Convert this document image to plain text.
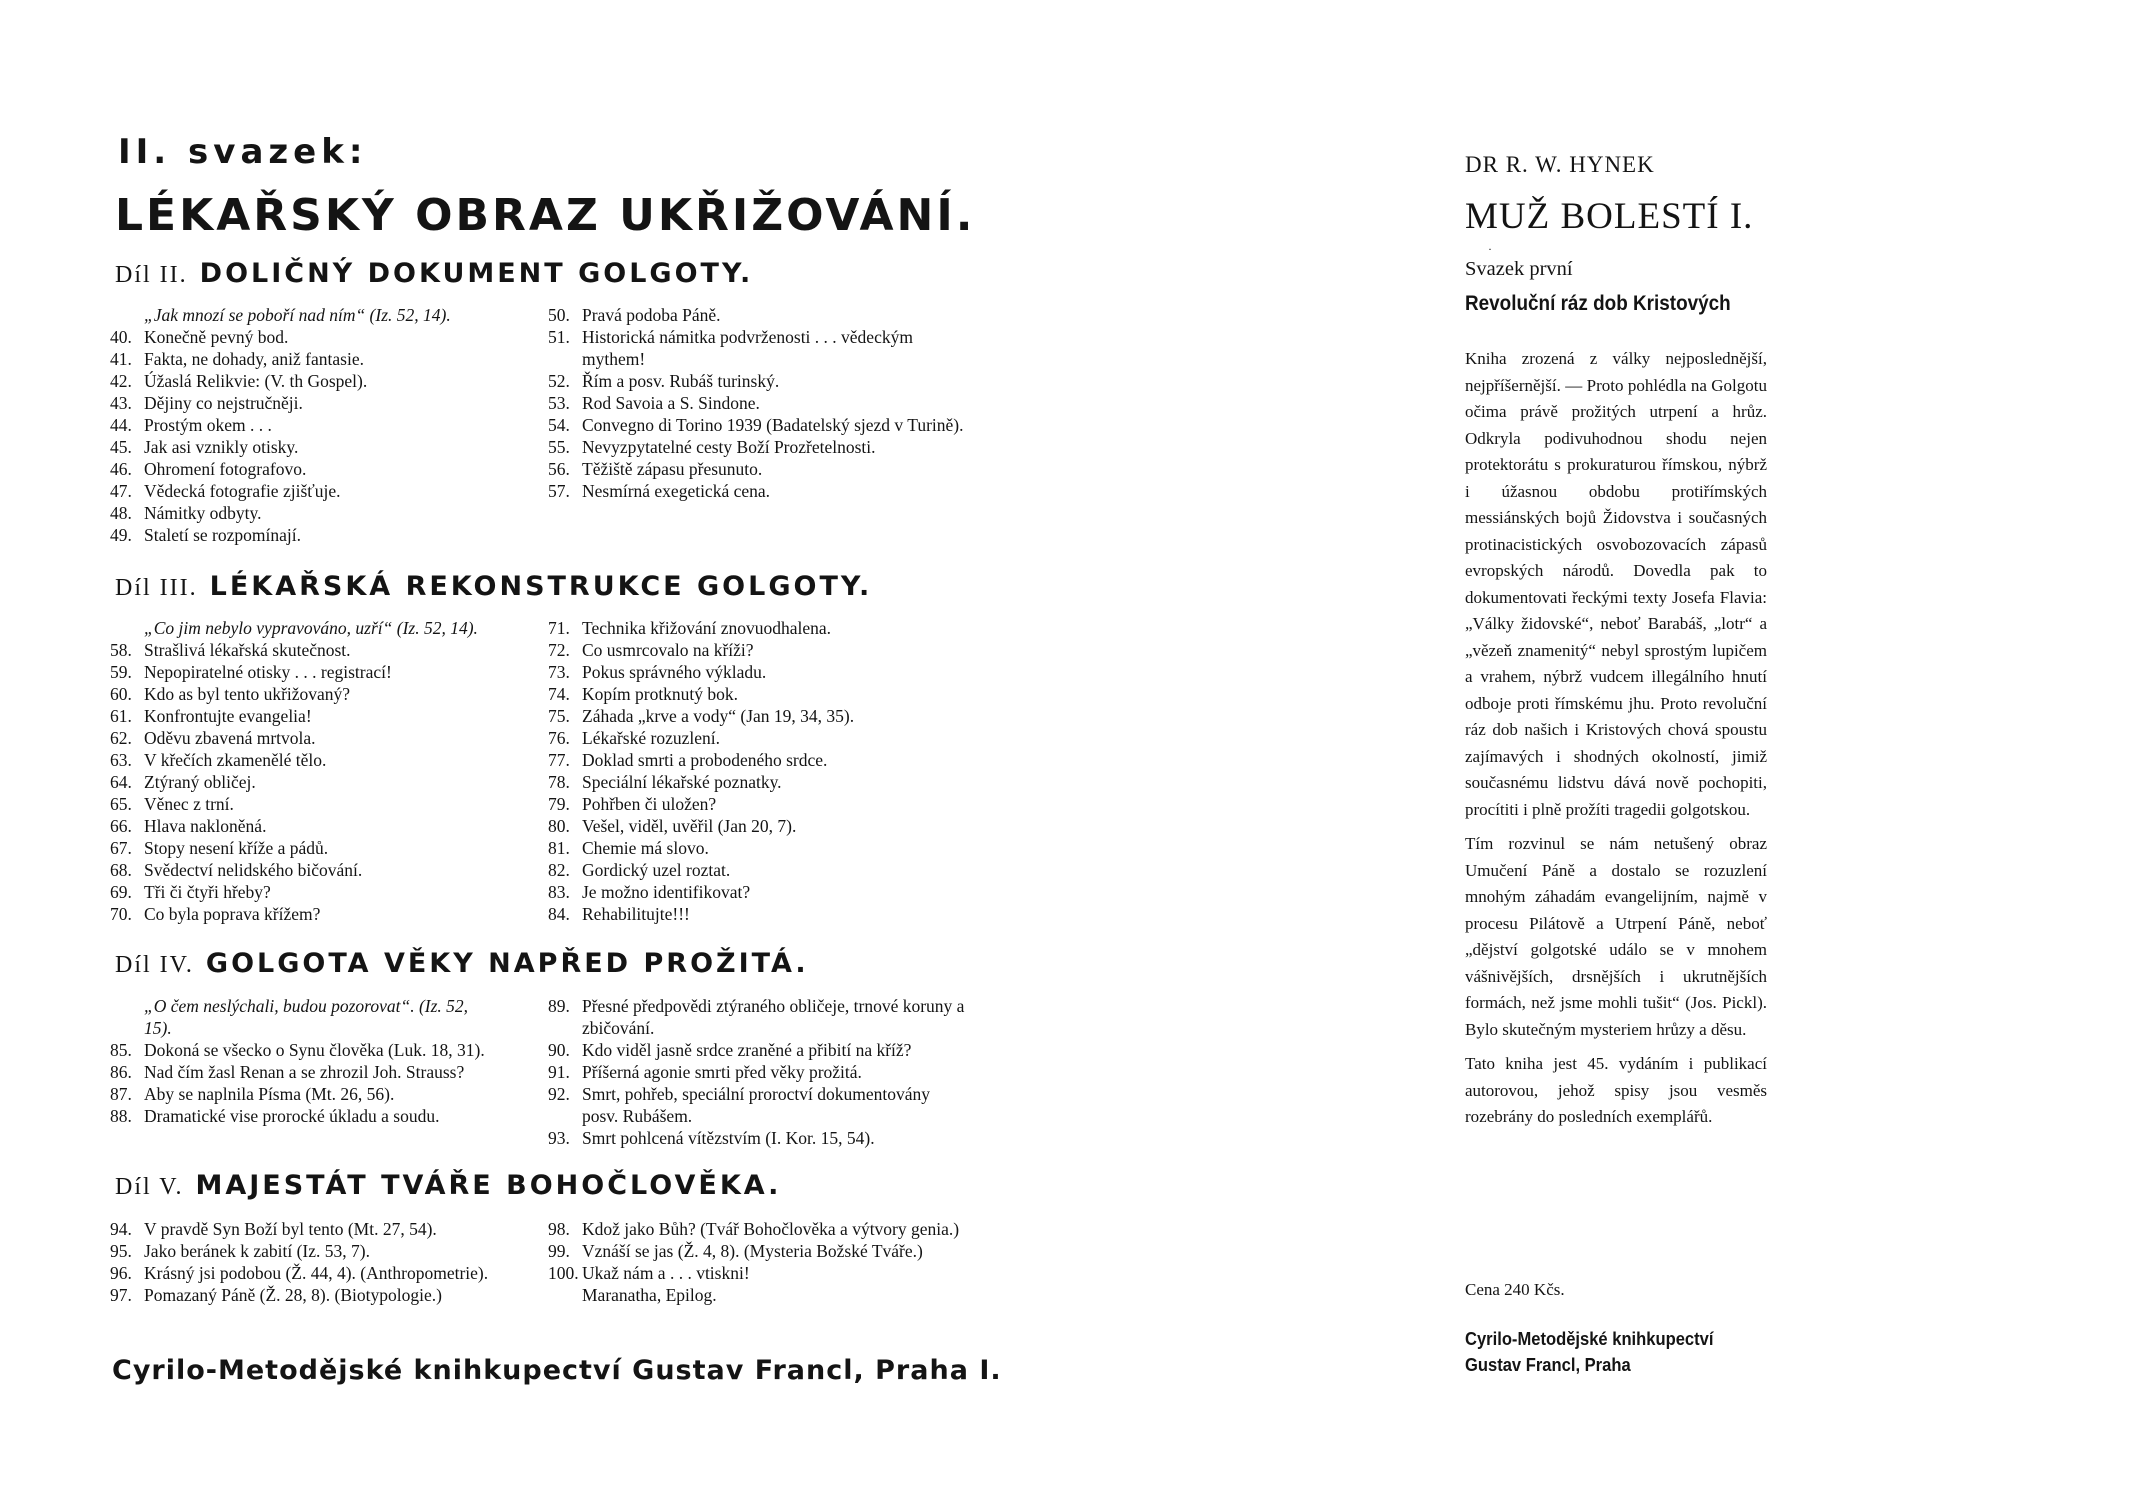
II. svazek:
LÉKAŘSKÝ OBRAZ UKŘIŽOVÁNÍ.
Díl II. DOLIČNÝ DOKUMENT GOLGOTY.
„Jak mnozí se poboří nad ním“ (Iz. 52, 14).
40. Konečně pevný bod.
41. Fakta, ne dohady, aniž fantasie.
42. Úžaslá Relikvie: (V. th Gospel).
43. Dějiny co nejstručněji.
44. Prostým okem . . .
45. Jak asi vznikly otisky.
46. Ohromení fotografovo.
47. Vědecká fotografie zjišťuje.
48. Námitky odbyty.
49. Staletí se rozpomínají.
50. Pravá podoba Páně.
51. Historická námitka podvrženosti . . . vědeckým mythem!
52. Řím a posv. Rubáš turinský.
53. Rod Savoia a S. Sindone.
54. Convegno di Torino 1939 (Badatelský sjezd v Turině).
55. Nevyzpytatelné cesty Boží Prozřetelnosti.
56. Těžiště zápasu přesunuto.
57. Nesmírná exegetická cena.
Díl III. LÉKAŘSKÁ REKONSTRUKCE GOLGOTY.
„Co jim nebylo vypravováno, uzří“ (Iz. 52, 14).
58. Strašlivá lékařská skutečnost.
59. Nepopiratelné otisky . . . registrací!
60. Kdo as byl tento ukřižovaný?
61. Konfrontujte evangelia!
62. Oděvu zbavená mrtvola.
63. V křečích zkamenělé tělo.
64. Ztýraný obličej.
65. Věnec z trní.
66. Hlava nakloněná.
67. Stopy nesení kříže a pádů.
68. Svědectví nelidského bičování.
69. Tři či čtyři hřeby?
70. Co byla poprava křížem?
71. Technika křižování znovuodhalena.
72. Co usmrcovalo na kříži?
73. Pokus správného výkladu.
74. Kopím protknutý bok.
75. Záhada „krve a vody“ (Jan 19, 34, 35).
76. Lékařské rozuzlení.
77. Doklad smrti a probodeného srdce.
78. Speciální lékařské poznatky.
79. Pohřben či uložen?
80. Vešel, viděl, uvěřil (Jan 20, 7).
81. Chemie má slovo.
82. Gordický uzel roztat.
83. Je možno identifikovat?
84. Rehabilitujte!!!
Díl IV. GOLGOTA VĚKY NAPŘED PROŽITÁ.
„O čem neslýchali, budou pozorovat“. (Iz. 52,
15).
85. Dokoná se všecko o Synu člověka (Luk. 18, 31).
86. Nad čím žasl Renan a se zhrozil Joh. Strauss?
87. Aby se naplnila Písma (Mt. 26, 56).
88. Dramatické vise prorocké úkladu a soudu.
89. Přesné předpovědi ztýraného obličeje, trnové koruny a zbičování.
90. Kdo viděl jasně srdce zraněné a přibití na kříž?
91. Příšerná agonie smrti před věky prožitá.
92. Smrt, pohřeb, speciální proroctví dokumentovány posv. Rubášem.
93. Smrt pohlcená vítězstvím (I. Kor. 15, 54).
Díl V. MAJESTÁT TVÁŘE BOHOČLOVĚKA.
94. V pravdě Syn Boží byl tento (Mt. 27, 54).
95. Jako beránek k zabití (Iz. 53, 7).
96. Krásný jsi podobou (Ž. 44, 4). (Anthropometrie).
97. Pomazaný Páně (Ž. 28, 8). (Biotypologie.)
98. Kdož jako Bůh? (Tvář Bohočlověka a výtvory genia.)
99. Vznáší se jas (Ž. 4, 8). (Mysteria Božské Tváře.)
100. Ukaž nám a . . . vtiskni!
Maranatha, Epilog.
Cyrilo-Metodějské knihkupectví Gustav Francl, Praha I.
DR R. W. HYNEK
MUŽ BOLESTÍ I.
·
Svazek první
Revoluční ráz dob Kristových

Kniha zrozená z války nejposlednější, nejpříšernější. — Proto pohlédla na Golgotu očima právě prožitých utrpení a hrůz. Odkryla podivuhodnou shodu nejen protektorátu s prokuraturou římskou, nýbrž i úžasnou obdobu protiřímských messiánských bojů Židovstva i současných protinacistických osvobozovacích zápasů evropských národů. Dovedla pak to dokumentovati řeckými texty Josefa Flavia: „Války židovské“, neboť Barabáš, „lotr“ a „vězeň znamenitý“ nebyl sprostým lupičem a vrahem, nýbrž vudcem illegálního hnutí odboje proti římskému jhu. Proto revoluční ráz dob našich i Kristových chová spoustu zajímavých i shodných okolností, jimiž současnému lidstvu dává nově pochopiti, procítiti i plně prožíti tragedii golgotskou.

Tím rozvinul se nám netušený obraz Umučení Páně a dostalo se rozuzlení mnohým záhadám evangelijním, najmě v procesu Pilátově a Utrpení Páně, neboť „dějství golgotské událo se v mnohem vášnivějších, drsnějších i ukrutnějších formách, než jsme mohli tušit“ (Jos. Pickl). Bylo skutečným mysteriem hrůzy a děsu.

Tato kniha jest 45. vydáním i publikací autorovou, jehož spisy jsou vesměs rozebrány do posledních exemplářů.

Cena 240 Kčs.
Cyrilo-Metodějské knihkupectví
Gustav Francl, Praha
